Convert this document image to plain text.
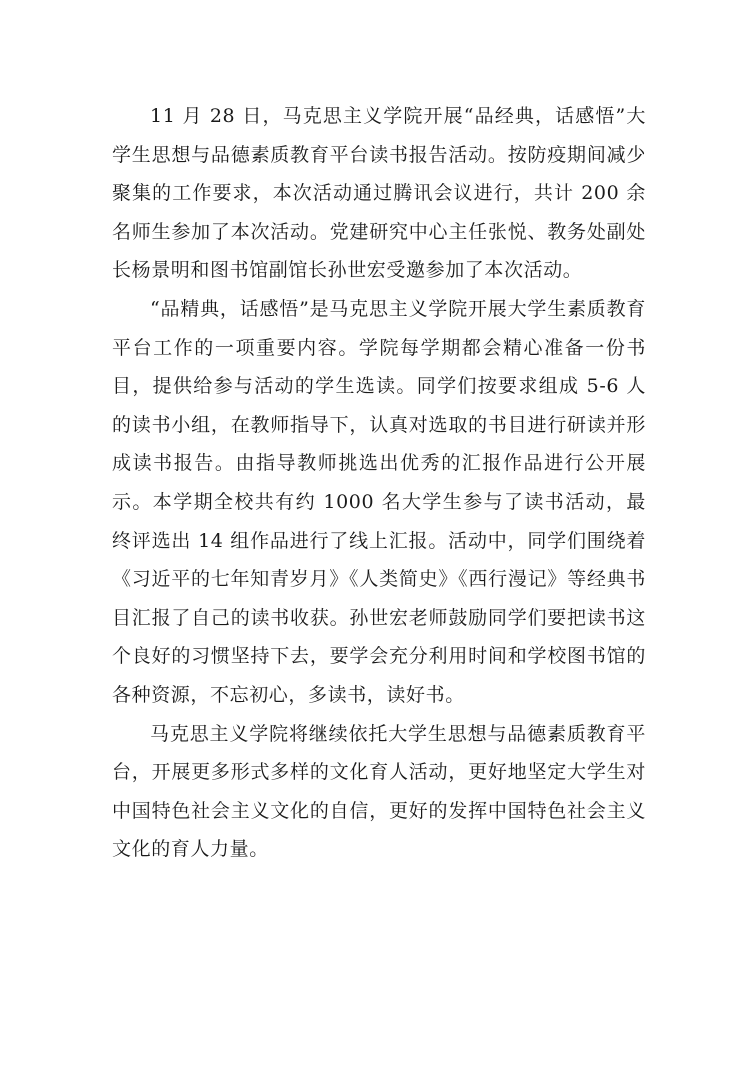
11 月 28 日，马克思主义学院开展“品经典，话感悟”大学生思想与品德素质教育平台读书报告活动。按防疫期间减少聚集的工作要求，本次活动通过腾讯会议进行，共计 200 余名师生参加了本次活动。党建研究中心主任张悦、教务处副处长杨景明和图书馆副馆长孙世宏受邀参加了本次活动。

“品精典，话感悟”是马克思主义学院开展大学生素质教育平台工作的一项重要内容。学院每学期都会精心准备一份书目，提供给参与活动的学生选读。同学们按要求组成 5-6 人的读书小组，在教师指导下，认真对选取的书目进行研读并形成读书报告。由指导教师挑选出优秀的汇报作品进行公开展示。本学期全校共有约 1000 名大学生参与了读书活动，最终评选出 14 组作品进行了线上汇报。活动中，同学们围绕着《习近平的七年知青岁月》《人类简史》《西行漫记》等经典书目汇报了自己的读书收获。孙世宏老师鼓励同学们要把读书这个良好的习惯坚持下去，要学会充分利用时间和学校图书馆的各种资源，不忘初心，多读书，读好书。

马克思主义学院将继续依托大学生思想与品德素质教育平台，开展更多形式多样的文化育人活动，更好地坚定大学生对中国特色社会主义文化的自信，更好的发挥中国特色社会主义文化的育人力量。
